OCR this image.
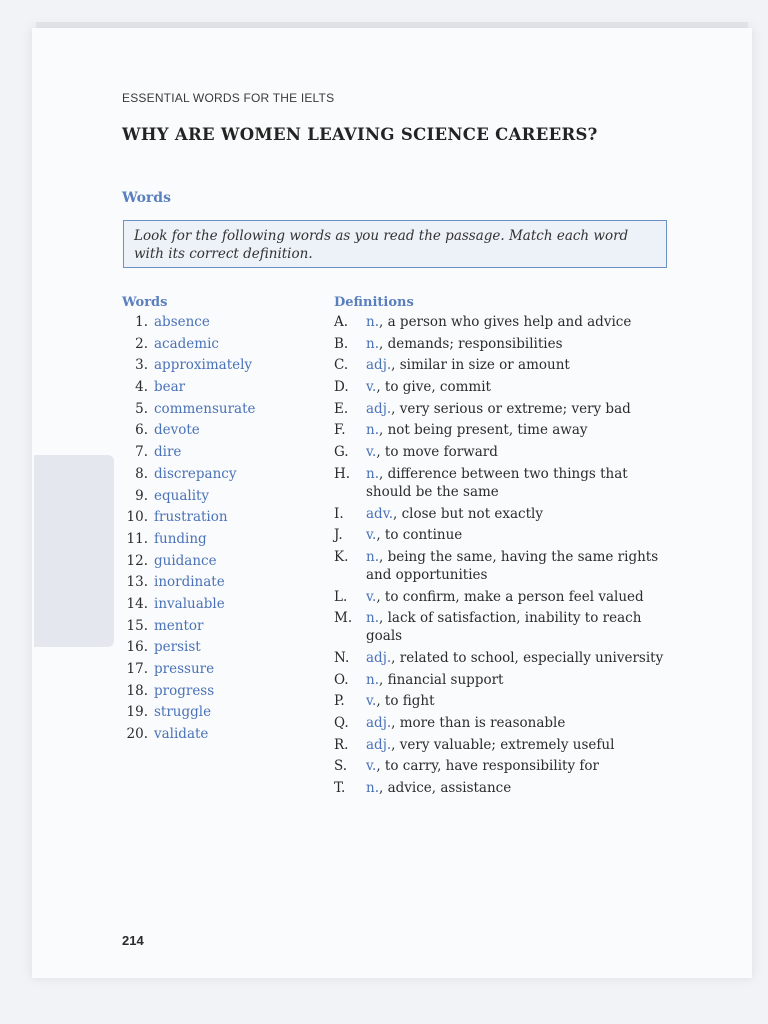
ESSENTIAL WORDS FOR THE IELTS
WHY ARE WOMEN LEAVING SCIENCE CAREERS?
Words
Look for the following words as you read the passage. Match each word with its correct definition.
Words	Definitions
1. absence
2. academic
3. approximately
4. bear
5. commensurate
6. devote
7. dire
8. discrepancy
9. equality
10. frustration
11. funding
12. guidance
13. inordinate
14. invaluable
15. mentor
16. persist
17. pressure
18. progress
19. struggle
20. validate
A. n., a person who gives help and advice
B. n., demands; responsibilities
C. adj., similar in size or amount
D. v., to give, commit
E. adj., very serious or extreme; very bad
F. n., not being present, time away
G. v., to move forward
H. n., difference between two things that should be the same
I. adv., close but not exactly
J. v., to continue
K. n., being the same, having the same rights and opportunities
L. v., to confirm, make a person feel valued
M. n., lack of satisfaction, inability to reach goals
N. adj., related to school, especially university
O. n., financial support
P. v., to fight
Q. adj., more than is reasonable
R. adj., very valuable; extremely useful
S. v., to carry, have responsibility for
T. n., advice, assistance
214
